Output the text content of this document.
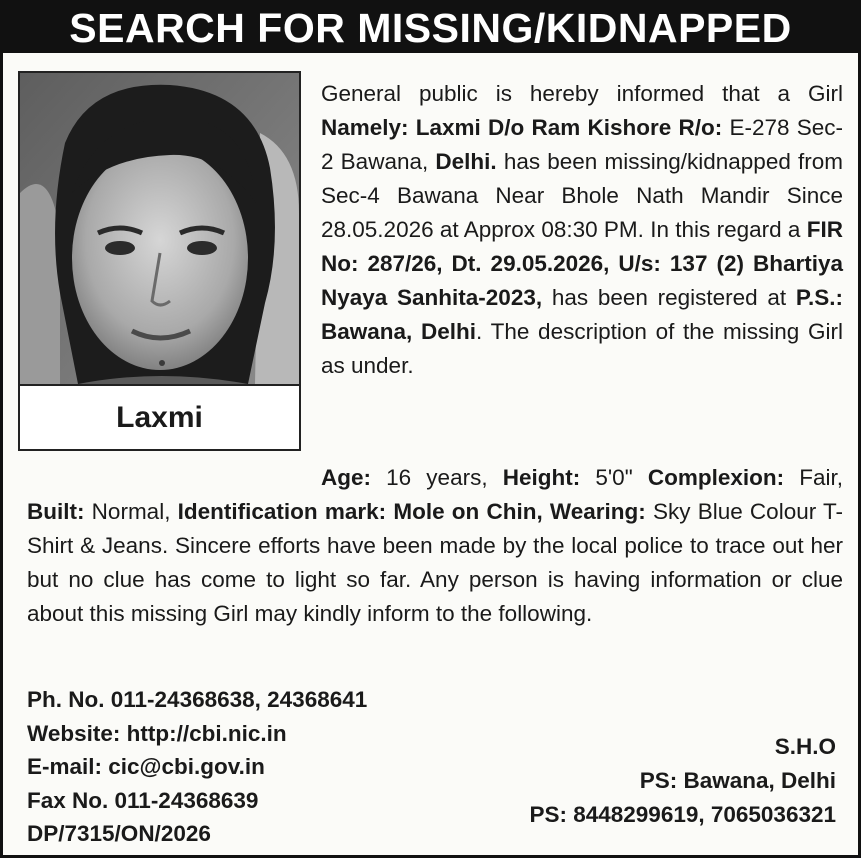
SEARCH FOR MISSING/KIDNAPPED
Laxmi

General public is hereby informed that a Girl Namely: Laxmi D/o Ram Kishore R/o: E-278 Sec-2 Bawana, Delhi. has been missing/kidnapped from Sec-4 Bawana Near Bhole Nath Mandir Since 28.05.2026 at Approx 08:30 PM. In this regard a FIR No: 287/26, Dt. 29.05.2026, U/s: 137 (2) Bhartiya Nyaya Sanhita-2023, has been registered at P.S.: Bawana, Delhi. The description of the missing Girl as under.

Age: 16 years, Height: 5'0" Complexion: Fair, Built: Normal, Identification mark: Mole on Chin, Wearing: Sky Blue Colour T-Shirt & Jeans. Sincere efforts have been made by the local police to trace out her but no clue has come to light so far. Any person is having information or clue about this missing Girl may kindly inform to the following.

Ph. No. 011-24368638, 24368641
Website: http://cbi.nic.in
E-mail: cic@cbi.gov.in
Fax No. 011-24368639
DP/7315/ON/2026
S.H.O
PS: Bawana, Delhi
PS: 8448299619, 7065036321
